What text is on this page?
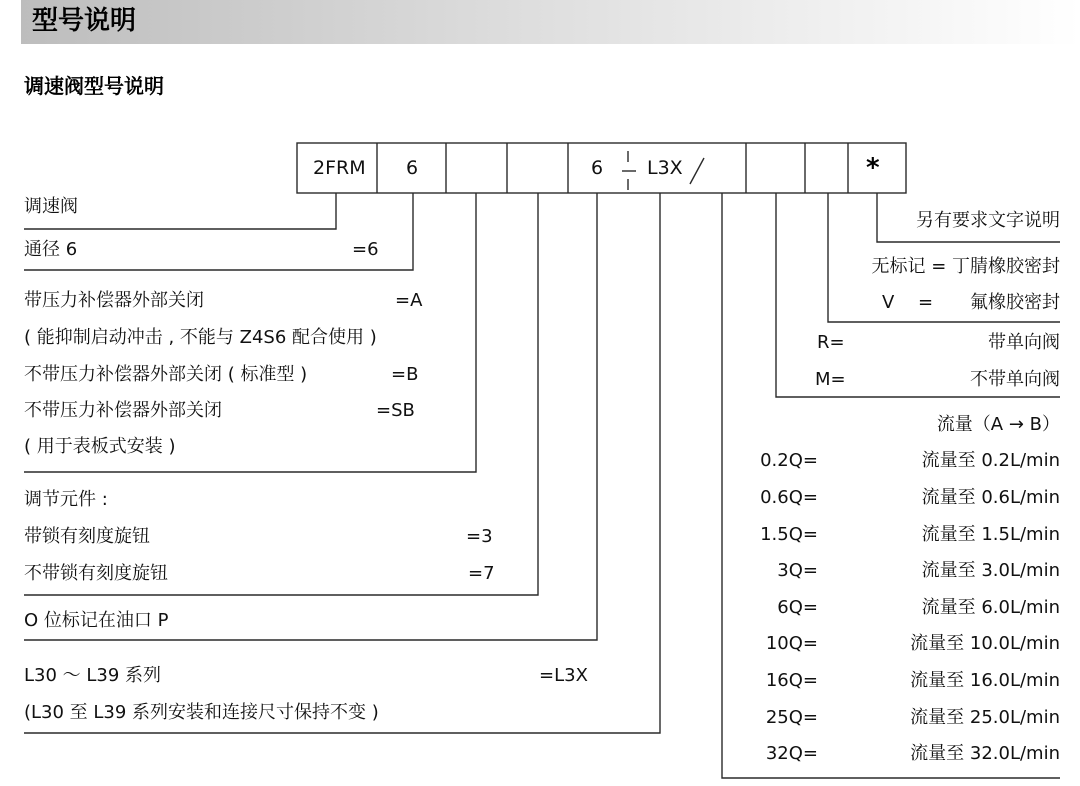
型号说明
调速阀型号说明
2FRM 6	6 L3X	*
调速阀
通径 6	=6
带压力补偿器外部关闭	=A
( 能抑制启动冲击 , 不能与 Z4S6 配合使用 )
不带压力补偿器外部关闭 ( 标准型 )	=B
不带压力补偿器外部关闭	=SB
( 用于表板式安装 )
调节元件 :
带锁有刻度旋钮	=3
不带锁有刻度旋钮	=7
O 位标记在油口 P
L30 ～ L39 系列	=L3X
(L30 至 L39 系列安装和连接尺寸保持不变 )
另有要求文字说明
无标记 = 丁腈橡胶密封
V = 氟橡胶密封
R=	带单向阀
M=	不带单向阀
流量（A → B）
0.2Q=	流量至 0.2L/min
0.6Q=	流量至 0.6L/min
1.5Q=	流量至 1.5L/min
3Q=	流量至 3.0L/min
6Q=	流量至 6.0L/min
10Q=	流量至 10.0L/min
16Q=	流量至 16.0L/min
25Q=	流量至 25.0L/min
32Q=	流量至 32.0L/min
